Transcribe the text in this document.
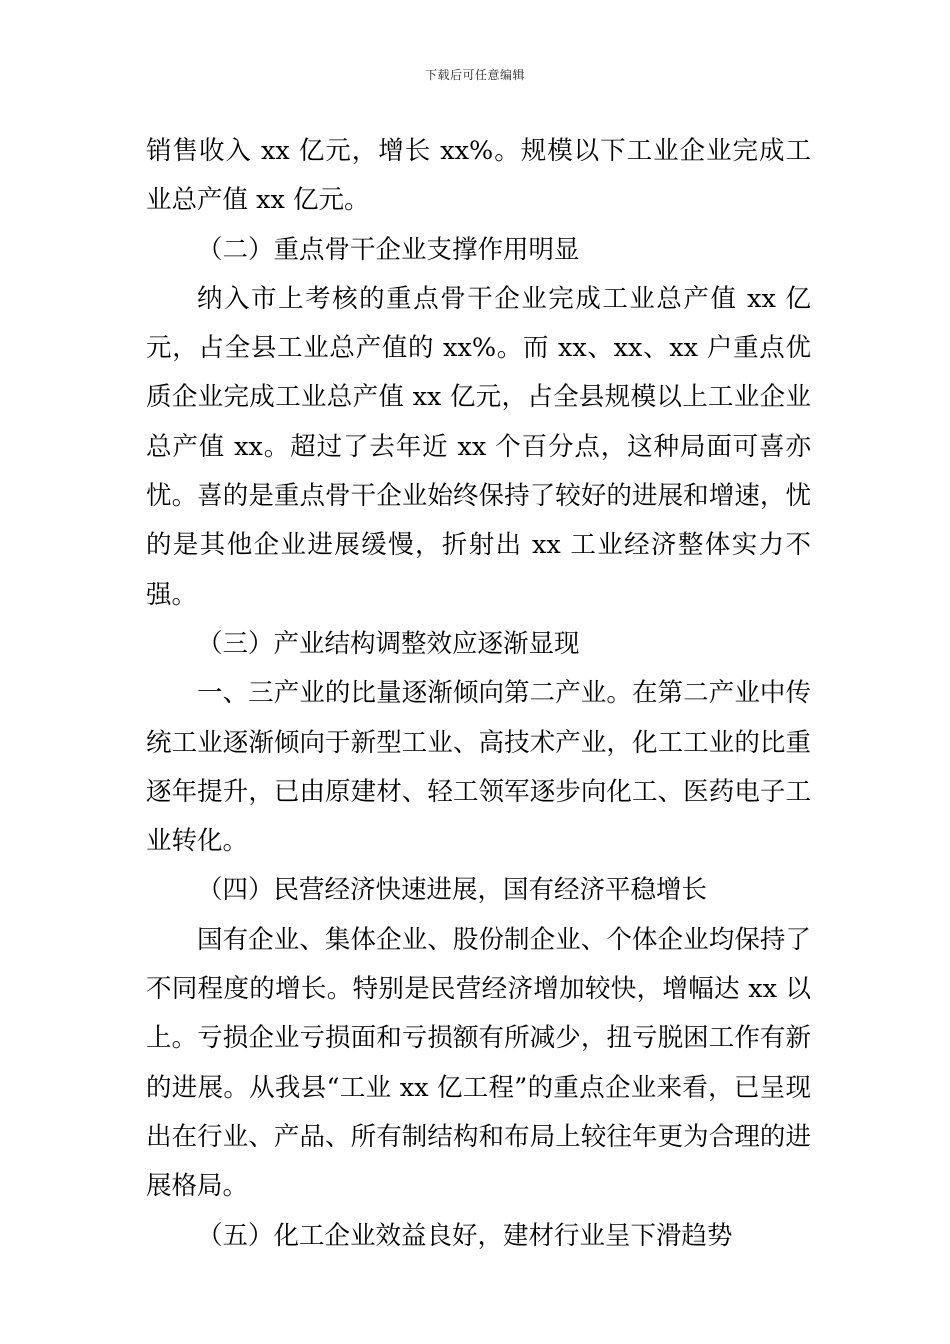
下载后可任意编辑

销售收入 xx 亿元，增长 xx%。规模以下工业企业完成工业总产值 xx 亿元。

（二）重点骨干企业支撑作用明显

纳入市上考核的重点骨干企业完成工业总产值 xx 亿元，占全县工业总产值的 xx%。而 xx、xx、xx 户重点优质企业完成工业总产值 xx 亿元，占全县规模以上工业企业总产值 xx。超过了去年近 xx 个百分点，这种局面可喜亦忧。喜的是重点骨干企业始终保持了较好的进展和增速，忧的是其他企业进展缓慢，折射出 xx 工业经济整体实力不强。

（三）产业结构调整效应逐渐显现

一、三产业的比量逐渐倾向第二产业。在第二产业中传统工业逐渐倾向于新型工业、高技术产业，化工工业的比重逐年提升，已由原建材、轻工领军逐步向化工、医药电子工业转化。

（四）民营经济快速进展，国有经济平稳增长

国有企业、集体企业、股份制企业、个体企业均保持了不同程度的增长。特别是民营经济增加较快，增幅达 xx 以上。亏损企业亏损面和亏损额有所减少，扭亏脱困工作有新的进展。从我县“工业 xx 亿工程”的重点企业来看，已呈现出在行业、产品、所有制结构和布局上较往年更为合理的进展格局。

（五）化工企业效益良好，建材行业呈下滑趋势
